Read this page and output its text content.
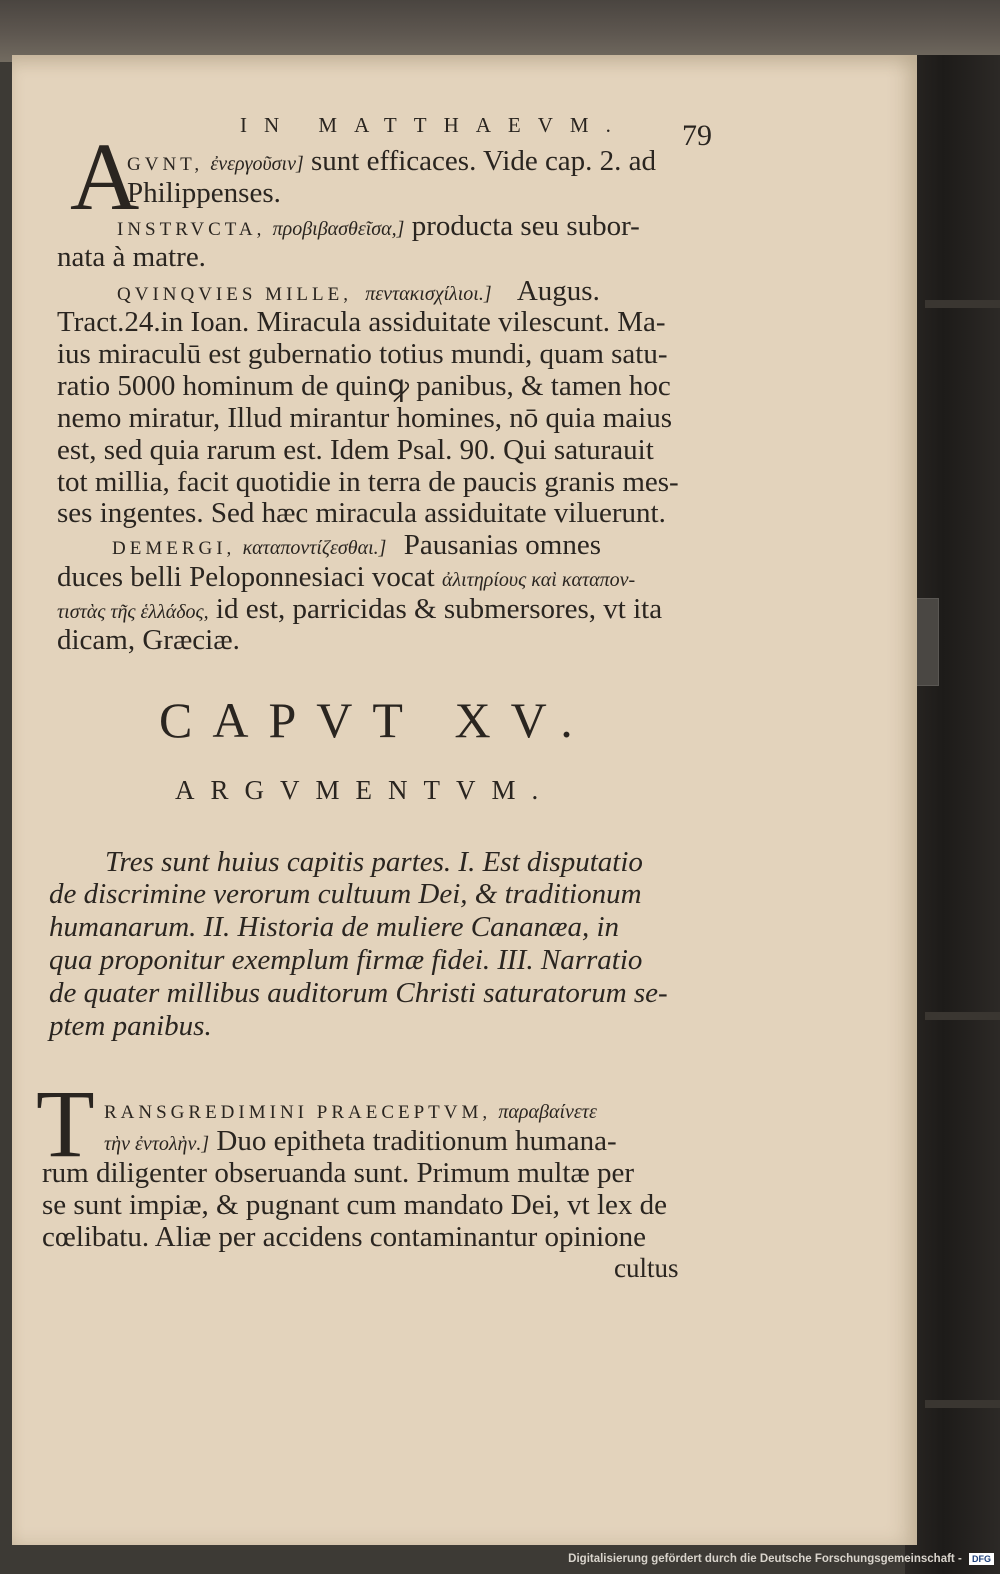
IN MATTHAEVM. 79
A
GVNT, ἐνεργοῦσιν] sunt efficaces. Vide cap. 2. ad
Philippenses.
INSTRVCTA, προβιβασθεῖσα,] producta seu subor-
nata à matre.
QVINQVIES MILLE, πεντακισχίλιοι.] Augus.
Tract.24.in Ioan. Miracula assiduitate vilescunt. Ma-
ius miraculū est gubernatio totius mundi, quam satu-
ratio 5000 hominum de quinꝙ panibus, & tamen hoc
nemo miratur, Illud mirantur homines, nō quia maius
est, sed quia rarum est. Idem Psal. 90. Qui saturauit
tot millia, facit quotidie in terra de paucis granis mes-
ses ingentes. Sed hæc miracula assiduitate viluerunt.
DEMERGI, καταποντίζεσθαι.] Pausanias omnes
duces belli Peloponnesiaci vocat ἀλιτηρίους καὶ καταπον-
τιστὰς τῆς ἑλλάδος, id est, parricidas & submersores, vt ita
dicam, Græciæ.
CAPVT XV.
ARGVMENTVM.
Tres sunt huius capitis partes. I. Est disputatio
de discrimine verorum cultuum Dei, & traditionum
humanarum. II. Historia de muliere Cananæa, in
qua proponitur exemplum firmæ fidei. III. Narratio
de quater millibus auditorum Christi saturatorum se-
ptem panibus.
T RANSGREDIMINI PRAECEPTVM, παραβαίνετε
τὴν ἐντολὴν.] Duo epitheta traditionum humana-
rum diligenter obseruanda sunt. Primum multæ per
se sunt impiæ, & pugnant cum mandato Dei, vt lex de
cœlibatu. Aliæ per accidens contaminantur opinione
cultus
Digitalisierung gefördert durch die Deutsche Forschungsgemeinschaft - DFG
